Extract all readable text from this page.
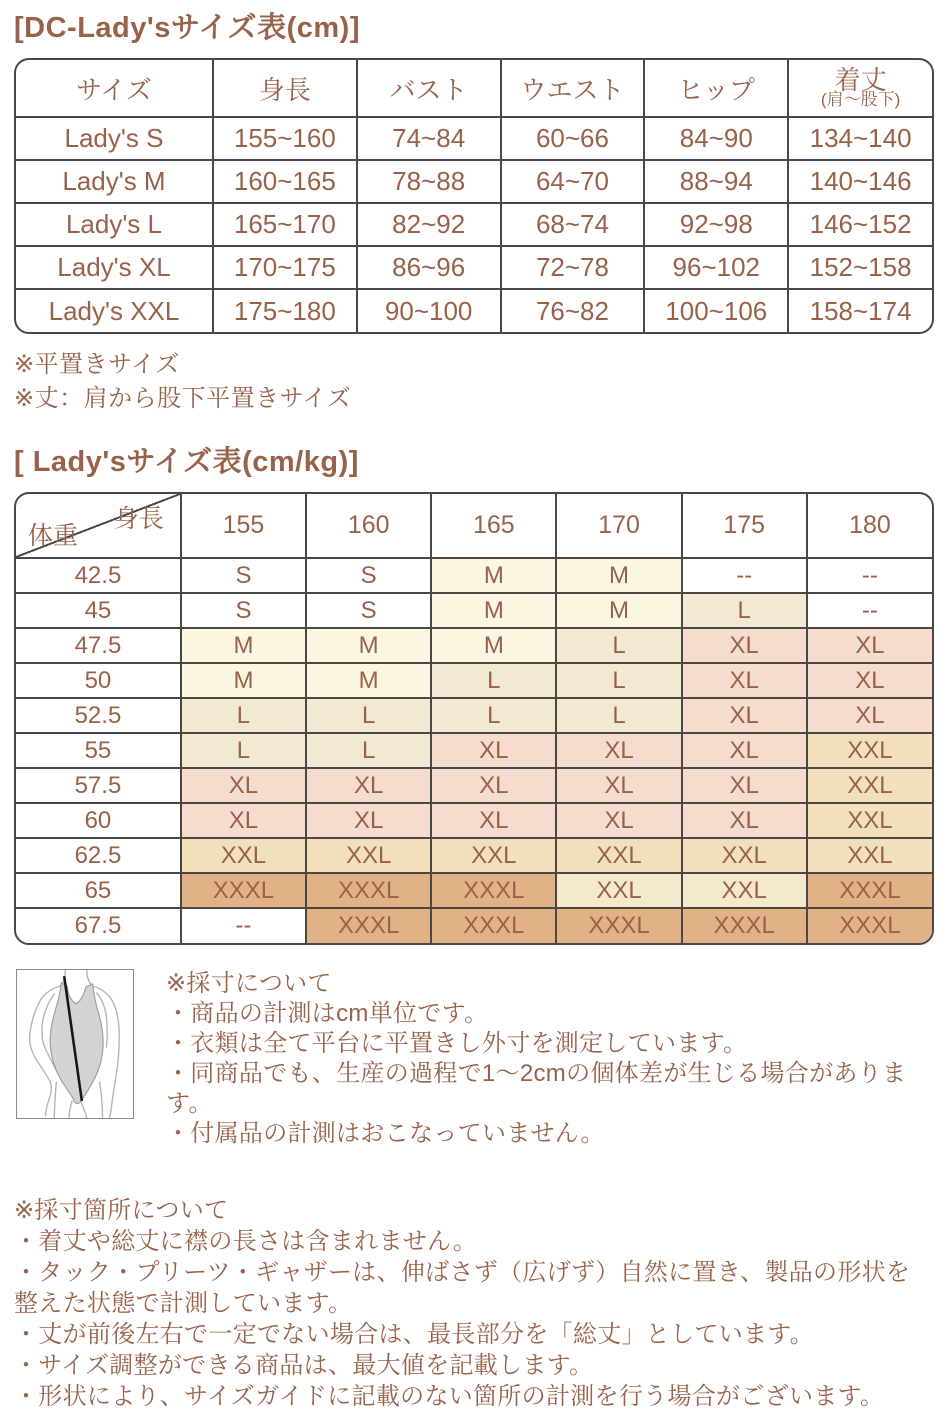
[DC-Lady'sサイズ表(cm)]
サイズ	身長	バスト	ウエスト	ヒップ	着丈
(肩～股下)

Lady's S	155~160	74~84	60~66	84~90	134~140
Lady's M	160~165	78~88	64~70	88~94	140~146
Lady's L	165~170	82~92	68~74	92~98	146~152
Lady's XL	170~175	86~96	72~78	96~102	152~158
Lady's XXL	175~180	90~100	76~82	100~106	158~174
※平置きサイズ
※丈：肩から股下平置きサイズ
[ Lady'sサイズ表(cm/kg)]
身長
体重	155	160	165	170	175	180
42.5	S	S	M	M	--	--
45	S	S	M	M	L	--
47.5	M	M	M	L	XL	XL
50	M	M	L	L	XL	XL
52.5	L	L	L	L	XL	XL
55	L	L	XL	XL	XL	XXL
57.5	XL	XL	XL	XL	XL	XXL
60	XL	XL	XL	XL	XL	XXL
62.5	XXL	XXL	XXL	XXL	XXL	XXL
65	XXXL	XXXL	XXXL	XXL	XXL	XXXL
67.5	--	XXXL	XXXL	XXXL	XXXL	XXXL
※採寸について
・商品の計測はcm単位です。
・衣類は全て平台に平置きし外寸を測定しています。
・同商品でも、生産の過程で1～2cmの個体差が生じる場合があります。
・付属品の計測はおこなっていません。
※採寸箇所について
・着丈や総丈に襟の長さは含まれません。
・タック・プリーツ・ギャザーは、伸ばさず（広げず）自然に置き、製品の形状を整えた状態で計測しています。
・丈が前後左右で一定でない場合は、最長部分を「総丈」としています。
・サイズ調整ができる商品は、最大値を記載します。
・形状により、サイズガイドに記載のない箇所の計測を行う場合がございます。
